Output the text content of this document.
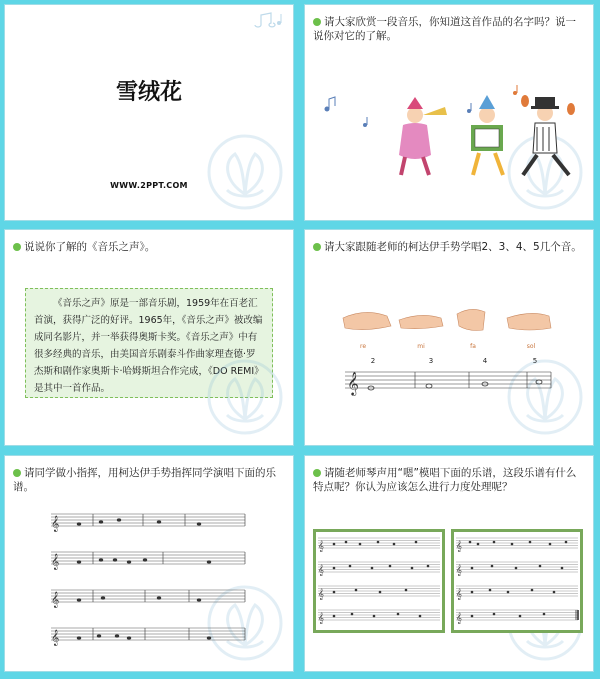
雪绒花
WWW.2PPT.COM
请大家欣赏一段音乐，你知道这首作品的名字吗？说一说你对它的了解。
说说你了解的《音乐之声》。
《音乐之声》原是一部音乐剧，1959年在百老汇首演，获得广泛的好评。1965年，《音乐之声》被改编成同名影片，并一举获得奥斯卡奖。《音乐之声》中有很多经典的音乐，由美国音乐剧泰斗作曲家理查德·罗杰斯和剧作家奥斯卡·哈姆斯坦合作完成，《DO REMI》是其中一首作品。
请大家跟随老师的柯达伊手势学唱2、3、4、5几个音。
re	mi	fa	sol
2	3	4	5
𝄞
请同学做小指挥，用柯达伊手势指挥同学演唱下面的乐谱。
𝄞
𝄞
𝄞
𝄞
请随老师琴声用“嗯”模唱下面的乐谱，这段乐谱有什么特点呢？你认为应该怎么进行力度处理呢？
𝄞
𝄞
𝄞
𝄞
𝄞
𝄞
𝄞
𝄞
